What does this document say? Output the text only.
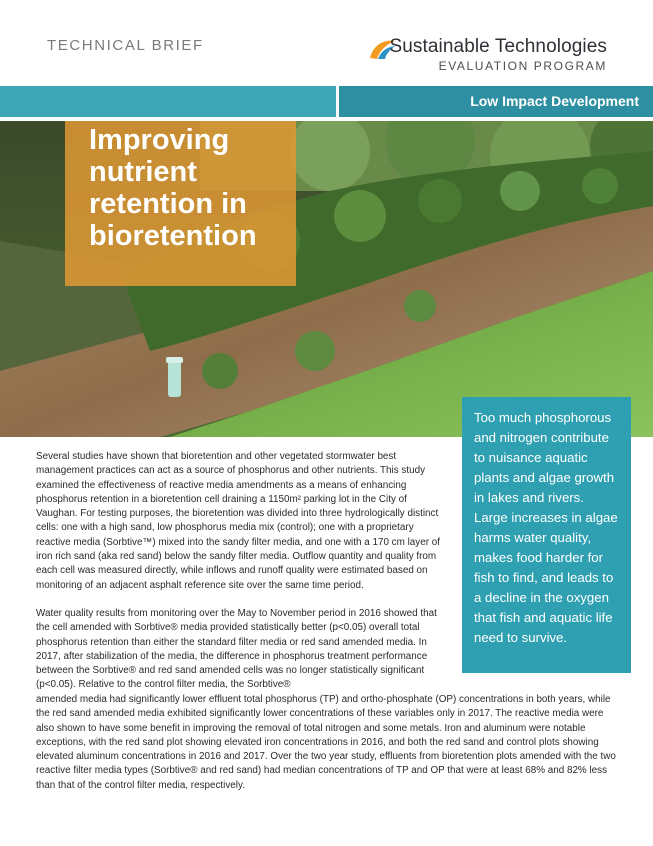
TECHNICAL BRIEF	Sustainable Technologies
EVALUATION PROGRAM
Low Impact Development
Improving nutrient retention in bioretention
Too much phosphorous and nitrogen contribute to nuisance aquatic plants and algae growth in lakes and rivers. Large increases in algae harms water quality, makes food harder for fish to find, and leads to a decline in the oxygen that fish and aquatic life need to survive.

Several studies have shown that bioretention and other vegetated stormwater best management practices can act as a source of phosphorus and other nutrients. This study examined the effectiveness of reactive media amendments as a means of enhancing phosphorus retention in a bioretention cell draining a 1150m² parking lot in the City of Vaughan. For testing purposes, the bioretention was divided into three hydrologically distinct cells: one with a high sand, low phosphorus media mix (control); one with a proprietary reactive media (Sorbtive™) mixed into the sandy filter media, and one with a 170 cm layer of iron rich sand (aka red sand) below the sandy filter media. Outflow quantity and quality from each cell was measured directly, while inflows and runoff quality were estimated based on monitoring of an adjacent asphalt reference site over the same time period.

Water quality results from monitoring over the May to November period in 2016 showed that the cell amended with Sorbtive® media provided statistically better (p<0.05) overall total phosphorus retention than either the standard filter media or red sand amended media. In 2017, after stabilization of the media, the difference in phosphorus treatment performance between the Sorbtive® and red sand amended cells was no longer statistically significant (p<0.05). Relative to the control filter media, the Sorbtive®

amended media had significantly lower effluent total phosphorus (TP) and ortho-phosphate (OP) concentrations in both years, while the red sand amended media exhibited significantly lower concentrations of these variables only in 2017. The reactive media were also shown to have some benefit in improving the removal of total nitrogen and some metals. Iron and aluminum were notable exceptions, with the red sand plot showing elevated iron concentrations in 2016, and both the red sand and control plots showing elevated aluminum concentrations in 2016 and 2017. Over the two year study, effluents from bioretention plots amended with the two reactive filter media types (Sorbtive® and red sand) had median concentrations of TP and OP that were at least 68% and 82% less than that of the control filter media, respectively.
